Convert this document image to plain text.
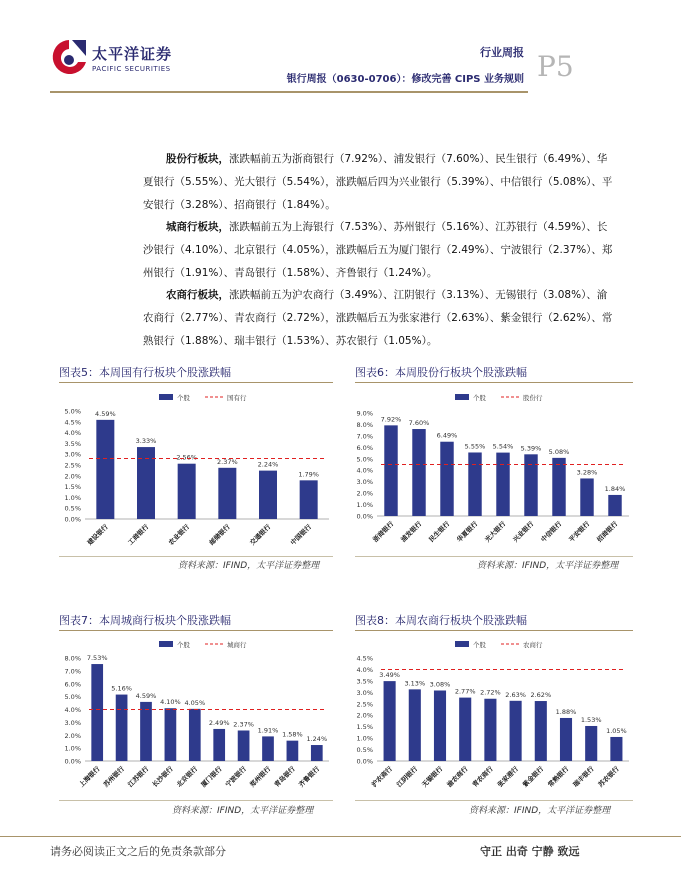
太平洋证券
PACIFIC SECURITIES
行业周报
银行周报（0630-0706）：修改完善 CIPS 业务规则 P5
股份行板块，涨跌幅前五为浙商银行（7.92%）、浦发银行（7.60%）、民生银行（6.49%）、华
夏银行（5.55%）、光大银行（5.54%），涨跌幅后四为兴业银行（5.39%）、中信银行（5.08%）、平
安银行（3.28%）、招商银行（1.84%）。
城商行板块，涨跌幅前五为上海银行（7.53%）、苏州银行（5.16%）、江苏银行（4.59%）、长
沙银行（4.10%）、北京银行（4.05%），涨跌幅后五为厦门银行（2.49%）、宁波银行（2.37%）、郑
州银行（1.91%）、青岛银行（1.58%）、齐鲁银行（1.24%）。
农商行板块，涨跌幅前五为沪农商行（3.49%）、江阴银行（3.13%）、无锡银行（3.08%）、渝
农商行（2.77%）、青农商行（2.72%），涨跌幅后五为张家港行（2.63%）、紫金银行（2.62%）、常
熟银行（1.88%）、瑞丰银行（1.53%）、苏农银行（1.05%）。
图表5：本周国有行板块个股涨跌幅
个股	国有行
0.0%
0.5%
1.0%
1.5%
2.0%
2.5%
3.0%
3.5%
4.0%
4.5%
5.0% 4.59%
建设银行
3.33%
工商银行
2.56%
农业银行
2.37%
邮储银行
2.24%
交通银行
1.79%
中国银行
资料来源：IFIND，太平洋证券整理
图表6：本周股份行板块个股涨跌幅
个股	股份行
0.0%
1.0%
2.0%
3.0%
4.0%
5.0%
6.0%
7.0%
8.0%
9.0%
7.92%
浙商银行
7.60%
浦发银行
6.49%
民生银行
5.55%
华夏银行
5.54%
光大银行
5.39%
兴业银行
5.08%
中信银行
3.28%
平安银行
1.84%
招商银行
资料来源：IFIND，太平洋证券整理
图表7：本周城商行板块个股涨跌幅
个股	城商行
0.0%
1.0%
2.0%
3.0%
4.0%
5.0%
6.0%
7.0%
8.0% 7.53%
上海银行
5.16%
苏州银行
4.59%
江苏银行
4.10%
长沙银行
4.05%
北京银行
2.49%
厦门银行
2.37%
宁波银行
1.91%
郑州银行
1.58%
青岛银行
1.24%
齐鲁银行
资料来源：IFIND，太平洋证券整理
图表8：本周农商行板块个股涨跌幅
个股	农商行
0.0%
0.5%
1.0%
1.5%
2.0%
2.5%
3.0%
3.5%
4.0%
4.5%
3.49%
沪农商行
3.13%
江阴银行
3.08%
无锡银行
2.77%
渝农商行
2.72%
青农商行
2.63%
张家港行
2.62%
紫金银行
1.88%
常熟银行
1.53%
瑞丰银行
1.05%
苏农银行
资料来源：IFIND，太平洋证券整理
请务必阅读正文之后的免责条款部分	守正 出奇 宁静 致远
